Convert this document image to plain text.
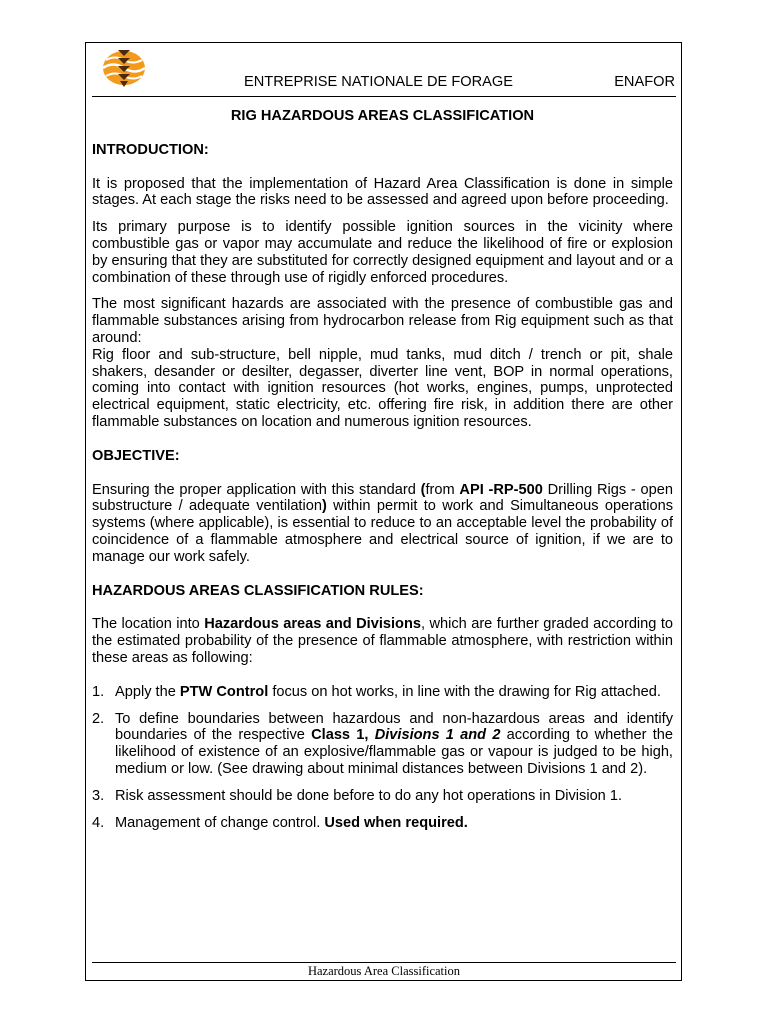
ENTREPRISE NATIONALE DE FORAGE	ENAFOR
RIG HAZARDOUS AREAS CLASSIFICATION
INTRODUCTION:

It is proposed that the implementation of Hazard Area Classification is done in simple stages. At each stage the risks need to be assessed and agreed upon before proceeding.

Its primary purpose is to identify possible ignition sources in the vicinity where combustible gas or vapor may accumulate and reduce the likelihood of fire or explosion by ensuring that they are substituted for correctly designed equipment and layout and or a combination of these through use of rigidly enforced procedures.

The most significant hazards are associated with the presence of combustible gas and flammable substances arising from hydrocarbon release from Rig equipment such as that around:
Rig floor and sub-structure, bell nipple, mud tanks, mud ditch / trench or pit, shale shakers, desander or desilter, degasser, diverter line vent, BOP in normal operations, coming into contact with ignition resources (hot works, engines, pumps, unprotected electrical equipment, static electricity, etc. offering fire risk, in addition there are other flammable substances on location and numerous ignition resources.

OBJECTIVE:

Ensuring the proper application with this standard (from API -RP-500 Drilling Rigs - open substructure / adequate ventilation) within permit to work and Simultaneous operations systems (where applicable), is essential to reduce to an acceptable level the probability of coincidence of a flammable atmosphere and electrical source of ignition, if we are to manage our work safely.

HAZARDOUS AREAS CLASSIFICATION RULES:

The location into Hazardous areas and Divisions, which are further graded according to the estimated probability of the presence of flammable atmosphere, with restriction within these areas as following:

1. Apply the PTW Control focus on hot works, in line with the drawing for Rig attached.
2. To define boundaries between hazardous and non-hazardous areas and identify boundaries of the respective Class 1, Divisions 1 and 2 according to whether the likelihood of existence of an explosive/flammable gas or vapour is judged to be high, medium or low. (See drawing about minimal distances between Divisions 1 and 2).
3. Risk assessment should be done before to do any hot operations in Division 1.
4. Management of change control. Used when required.
Hazardous Area Classification
